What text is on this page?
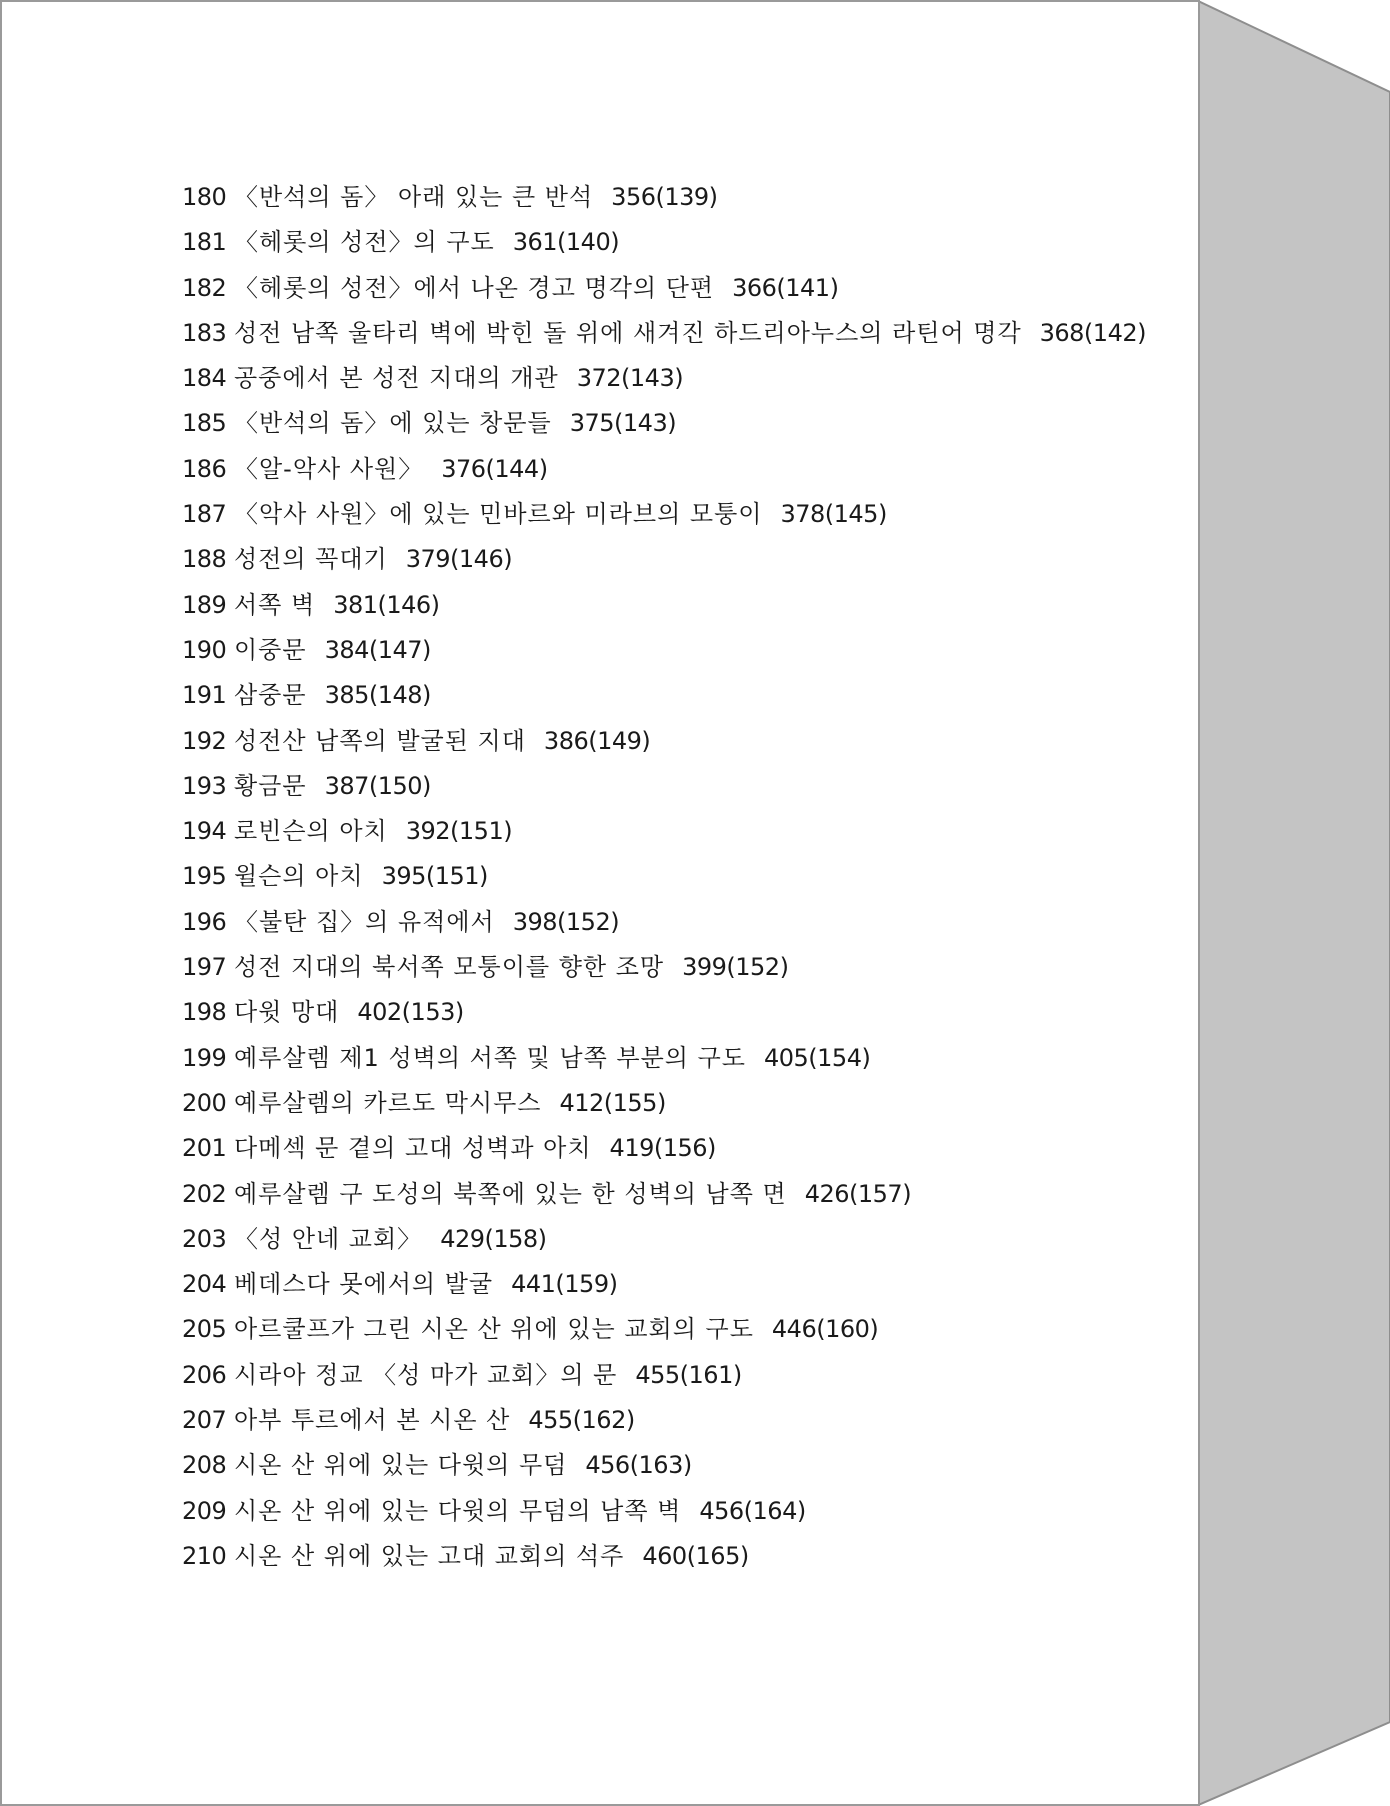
180 〈반석의 돔〉 아래 있는 큰 반석 356(139)
181 〈헤롯의 성전〉의 구도 361(140)
182 〈헤롯의 성전〉에서 나온 경고 명각의 단편 366(141)
183 성전 남쪽 울타리 벽에 박힌 돌 위에 새겨진 하드리아누스의 라틴어 명각 368(142)
184 공중에서 본 성전 지대의 개관 372(143)
185 〈반석의 돔〉에 있는 창문들 375(143)
186 〈알-악사 사원〉 376(144)
187 〈악사 사원〉에 있는 민바르와 미라브의 모퉁이 378(145)
188 성전의 꼭대기 379(146)
189 서쪽 벽 381(146)
190 이중문 384(147)
191 삼중문 385(148)
192 성전산 남쪽의 발굴된 지대 386(149)
193 황금문 387(150)
194 로빈슨의 아치 392(151)
195 윌슨의 아치 395(151)
196 〈불탄 집〉의 유적에서 398(152)
197 성전 지대의 북서쪽 모퉁이를 향한 조망 399(152)
198 다윗 망대 402(153)
199 예루살렘 제1 성벽의 서쪽 및 남쪽 부분의 구도 405(154)
200 예루살렘의 카르도 막시무스 412(155)
201 다메섹 문 곁의 고대 성벽과 아치 419(156)
202 예루살렘 구 도성의 북쪽에 있는 한 성벽의 남쪽 면 426(157)
203 〈성 안네 교회〉 429(158)
204 베데스다 못에서의 발굴 441(159)
205 아르쿨프가 그린 시온 산 위에 있는 교회의 구도 446(160)
206 시라아 정교 〈성 마가 교회〉의 문 455(161)
207 아부 투르에서 본 시온 산 455(162)
208 시온 산 위에 있는 다윗의 무덤 456(163)
209 시온 산 위에 있는 다윗의 무덤의 남쪽 벽 456(164)
210 시온 산 위에 있는 고대 교회의 석주 460(165)
